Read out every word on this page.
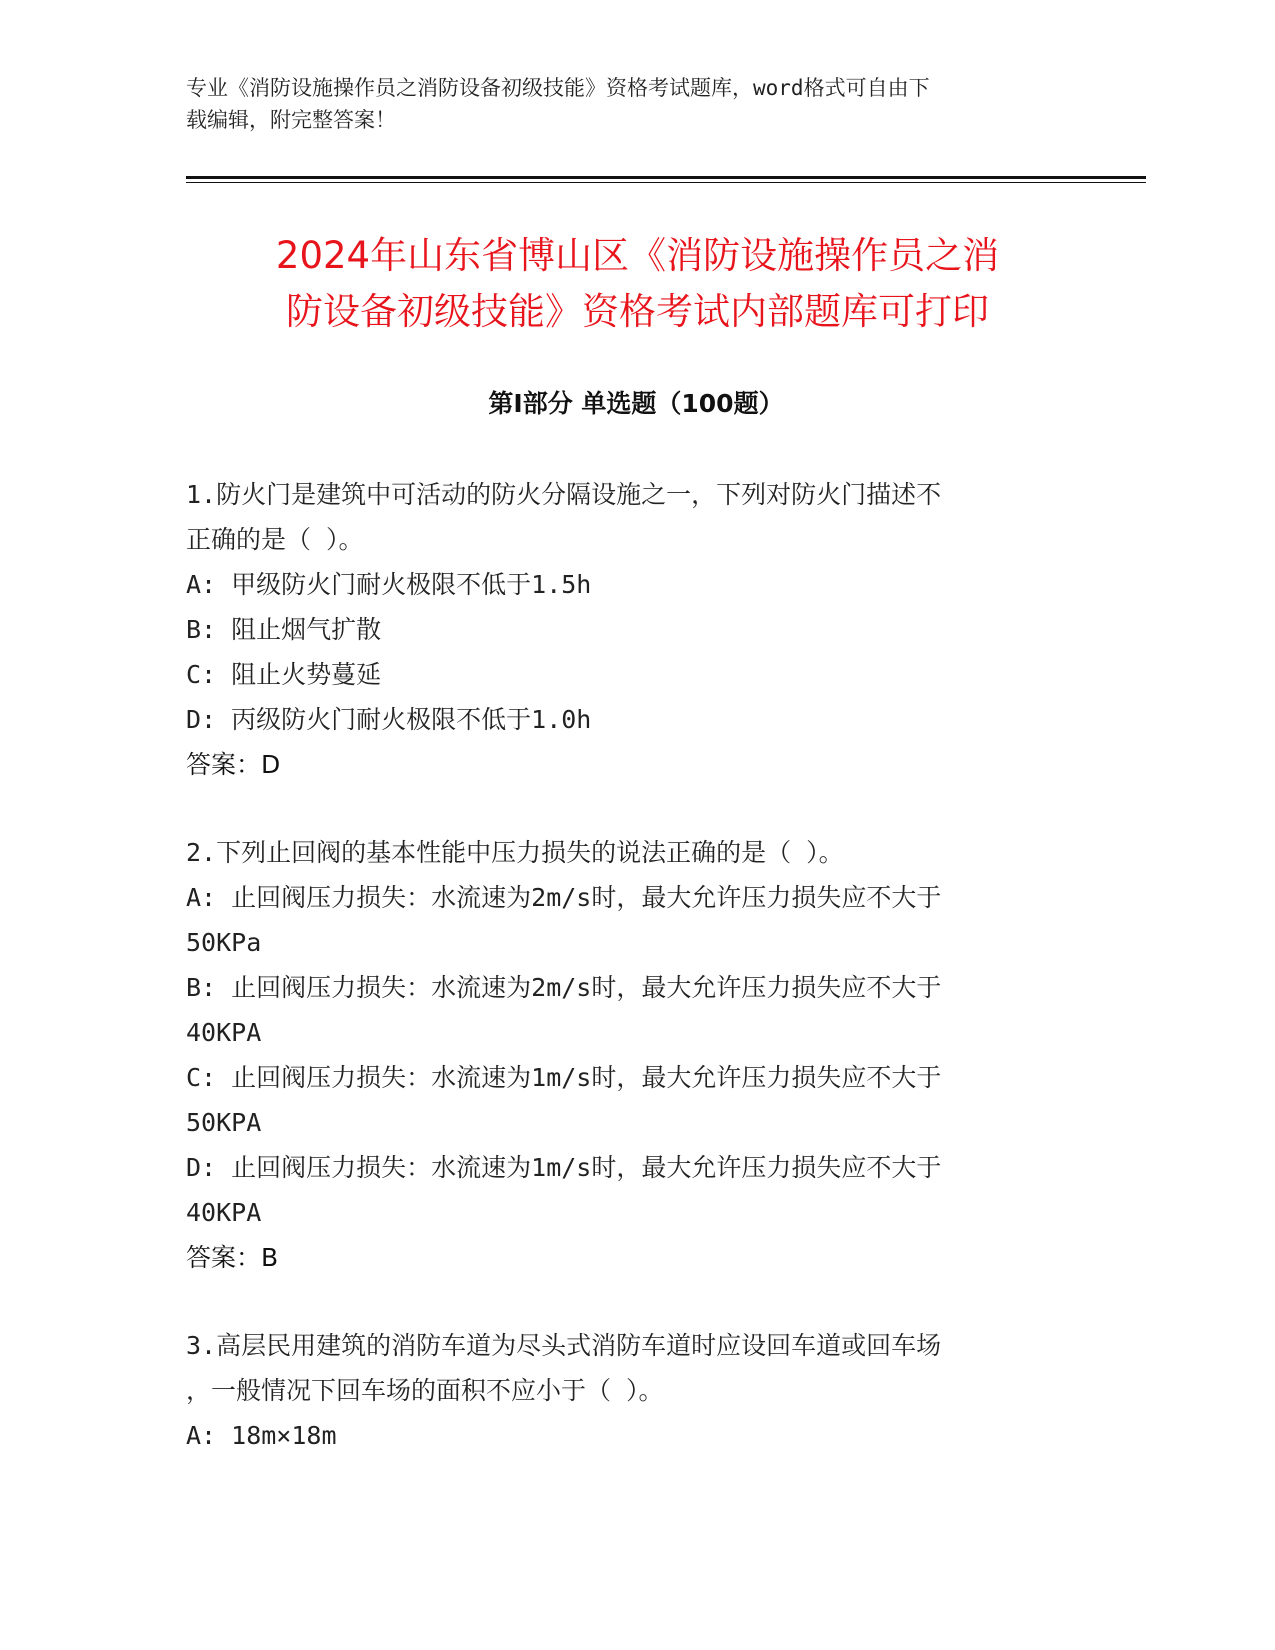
专业《消防设施操作员之消防设备初级技能》资格考试题库，word格式可自由下
载编辑，附完整答案！
2024年山东省博山区《消防设施操作员之消
防设备初级技能》资格考试内部题库可打印
第I部分 单选题（100题）
1.防火门是建筑中可活动的防火分隔设施之一，下列对防火门描述不
正确的是（ ）。
A: 甲级防火门耐火极限不低于1.5h
B: 阻止烟气扩散
C: 阻止火势蔓延
D: 丙级防火门耐火极限不低于1.0h
答案：D
2.下列止回阀的基本性能中压力损失的说法正确的是（ ）。
A: 止回阀压力损失：水流速为2m/s时，最大允许压力损失应不大于
50KPa
B: 止回阀压力损失：水流速为2m/s时，最大允许压力损失应不大于
40KPA
C: 止回阀压力损失：水流速为1m/s时，最大允许压力损失应不大于
50KPA
D: 止回阀压力损失：水流速为1m/s时，最大允许压力损失应不大于
40KPA
答案：B
3.高层民用建筑的消防车道为尽头式消防车道时应设回车道或回车场
，一般情况下回车场的面积不应小于（ ）。
A: 18m×18m
